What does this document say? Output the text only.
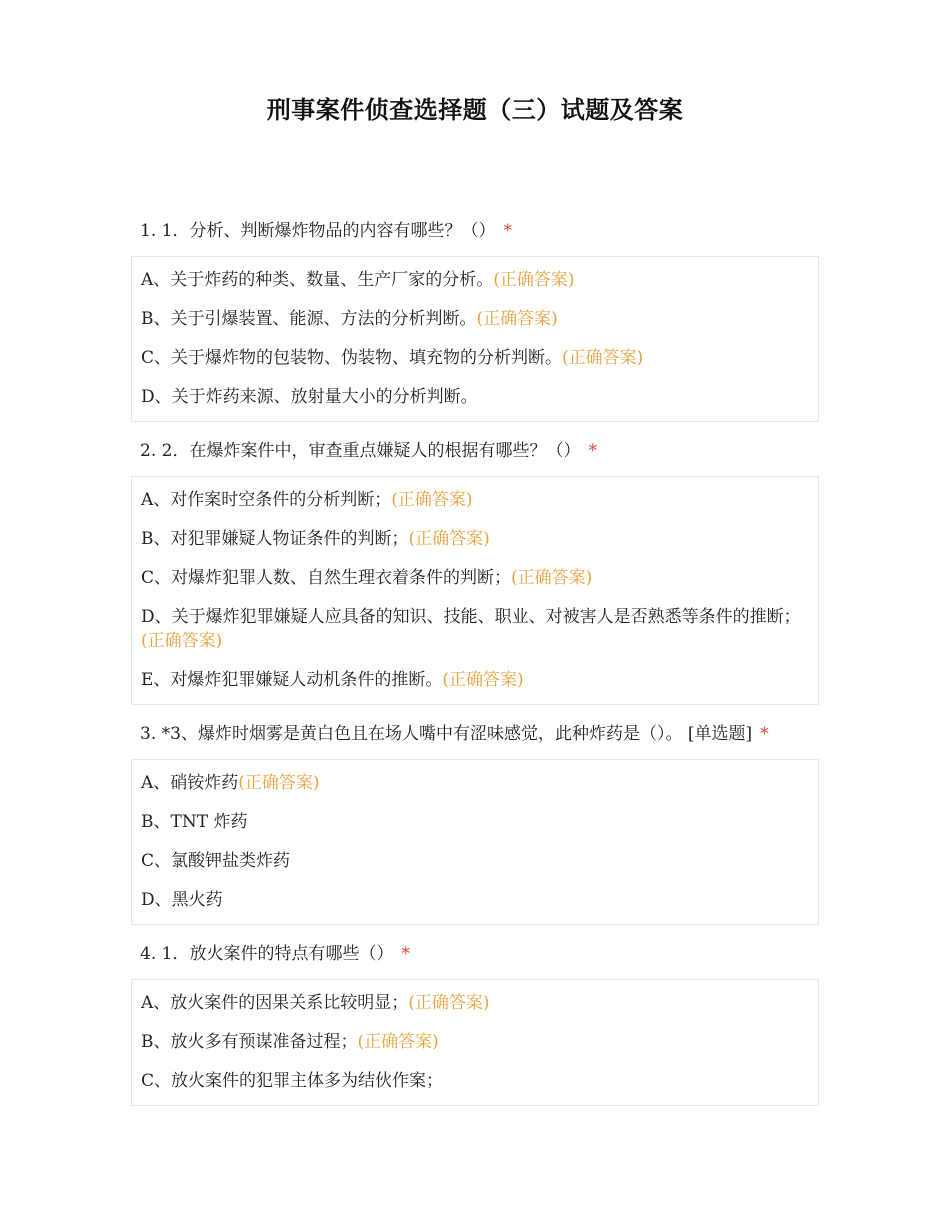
刑事案件侦查选择题（三）试题及答案
1. 1．分析、判断爆炸物品的内容有哪些？（） *
A、关于炸药的种类、数量、生产厂家的分析。(正确答案)
B、关于引爆装置、能源、方法的分析判断。(正确答案)
C、关于爆炸物的包装物、伪装物、填充物的分析判断。(正确答案)
D、关于炸药来源、放射量大小的分析判断。
2. 2．在爆炸案件中，审查重点嫌疑人的根据有哪些？（） *
A、对作案时空条件的分析判断；(正确答案)
B、对犯罪嫌疑人物证条件的判断；(正确答案)
C、对爆炸犯罪人数、自然生理衣着条件的判断；(正确答案)
D、关于爆炸犯罪嫌疑人应具备的知识、技能、职业、对被害人是否熟悉等条件的推断；(正确答案)
E、对爆炸犯罪嫌疑人动机条件的推断。(正确答案)
3. *3、爆炸时烟雾是黄白色且在场人嘴中有涩味感觉，此种炸药是（）。 [单选题] *
A、硝铵炸药(正确答案)
B、TNT 炸药
C、氯酸钾盐类炸药
D、黑火药
4. 1．放火案件的特点有哪些（） *
A、放火案件的因果关系比较明显；(正确答案)
B、放火多有预谋准备过程；(正确答案)
C、放火案件的犯罪主体多为结伙作案；
